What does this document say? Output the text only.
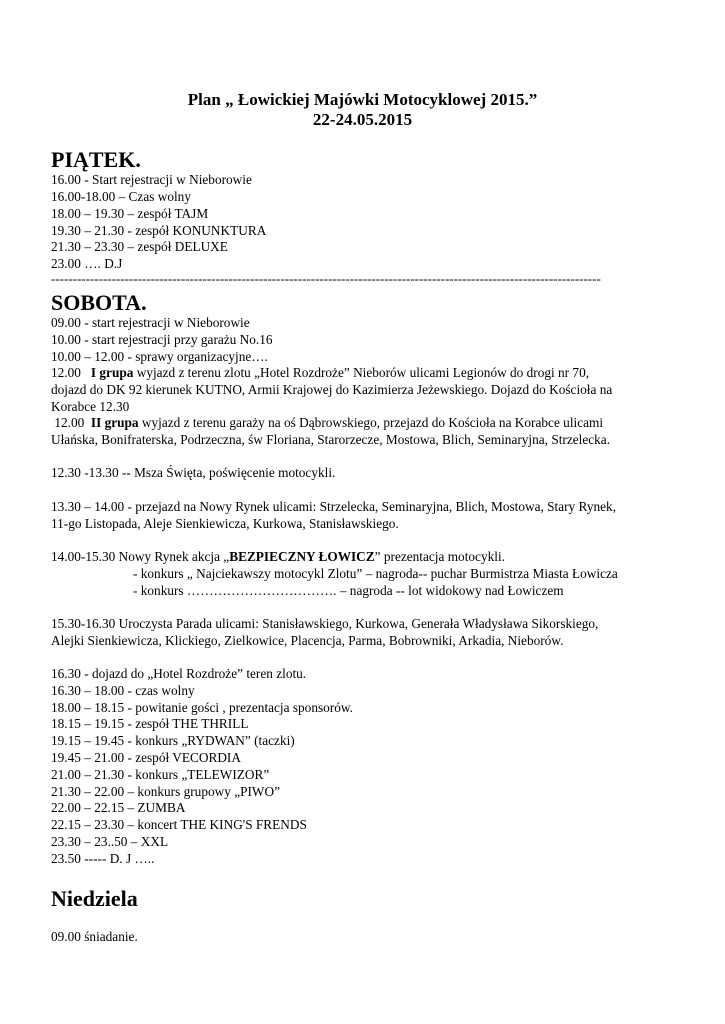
Plan „ Łowickiej Majówki Motocyklowej 2015.”
22-24.05.2015
PIĄTEK.
16.00 - Start rejestracji w Nieborowie
16.00-18.00 – Czas wolny
18.00 – 19.30 – zespół TAJM
19.30 – 21.30 - zespół KONUNKTURA
21.30 – 23.30 – zespół DELUXE
23.00 …. D.J
-------------------------------------------------------------------------------------------------------------------------------
SOBOTA.
09.00 - start rejestracji w Nieborowie
10.00 - start rejestracji przy garażu No.16
10.00 – 12.00 - sprawy organizacyjne….
12.00 I grupa wyjazd z terenu zlotu „Hotel Rozdroże” Nieborów ulicami Legionów do drogi nr 70,
dojazd do DK 92 kierunek KUTNO, Armii Krajowej do Kazimierza Jeżewskiego. Dojazd do Kościoła na
Korabce 12.30
12.00 II grupa wyjazd z terenu garaży na oś Dąbrowskiego, przejazd do Kościoła na Korabce ulicami
Ułańska, Bonifraterska, Podrzeczna, św Floriana, Starorzecze, Mostowa, Blich, Seminaryjna, Strzelecka.
12.30 -13.30 -- Msza Święta, poświęcenie motocykli.
13.30 – 14.00 - przejazd na Nowy Rynek ulicami: Strzelecka, Seminaryjna, Blich, Mostowa, Stary Rynek,
11-go Listopada, Aleje Sienkiewicza, Kurkowa, Stanisławskiego.
14.00-15.30 Nowy Rynek akcja „BEZPIECZNY ŁOWICZ” prezentacja motocykli.
- konkurs „ Najciekawszy motocykl Zlotu” – nagroda-- puchar Burmistrza Miasta Łowicza
- konkurs ……………………………. – nagroda -- lot widokowy nad Łowiczem
15.30-16.30 Uroczysta Parada ulicami: Stanisławskiego, Kurkowa, Generała Władysława Sikorskiego,
Alejki Sienkiewicza, Klickiego, Zielkowice, Placencja, Parma, Bobrowniki, Arkadia, Nieborów.
16.30 - dojazd do „Hotel Rozdroże” teren zlotu.
16.30 – 18.00 - czas wolny
18.00 – 18.15 - powitanie gości , prezentacja sponsorów.
18.15 – 19.15 - zespół THE THRILL
19.15 – 19.45 - konkurs „RYDWAN” (taczki)
19.45 – 21.00 - zespół VECORDIA
21.00 – 21.30 - konkurs „TELEWIZOR”
21.30 – 22.00 – konkurs grupowy „PIWO”
22.00 – 22.15 – ZUMBA
22.15 – 23.30 – koncert THE KING'S FRENDS
23.30 – 23..50 – XXL
23.50 ----- D. J …..
Niedziela
09.00 śniadanie.
